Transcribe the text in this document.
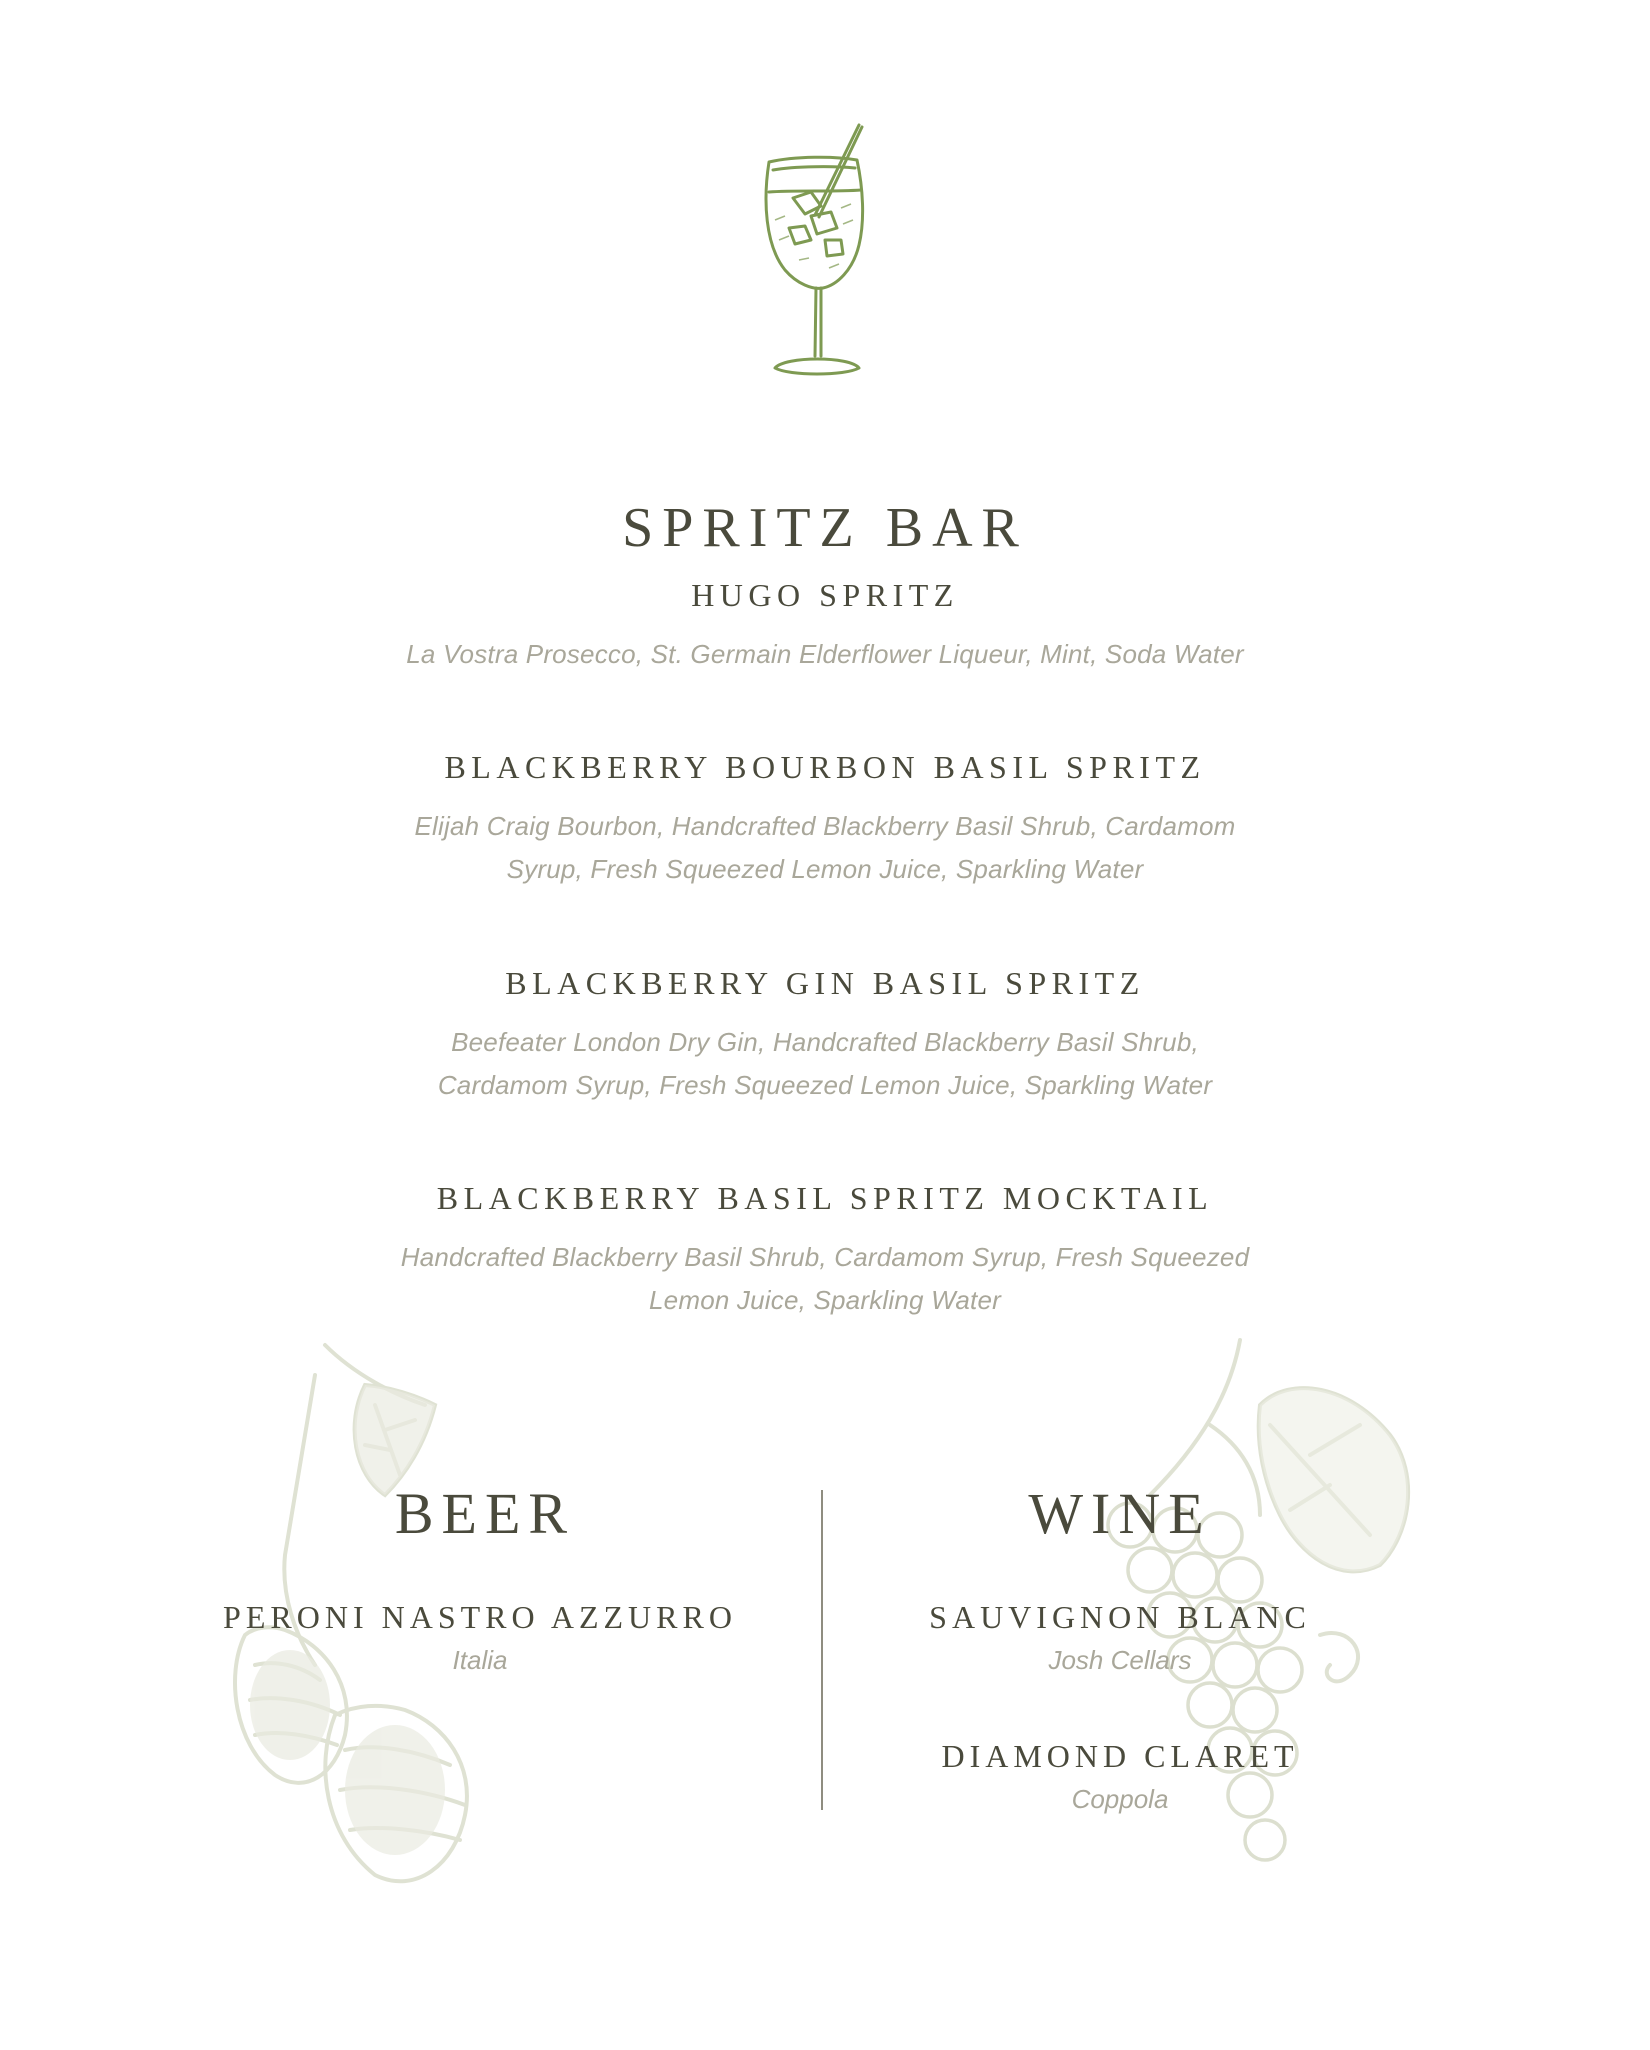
SPRITZ BAR
HUGO SPRITZ

La Vostra Prosecco, St. Germain Elderflower Liqueur, Mint, Soda Water

BLACKBERRY BOURBON BASIL SPRITZ

Elijah Craig Bourbon, Handcrafted Blackberry Basil Shrub, Cardamom
Syrup, Fresh Squeezed Lemon Juice, Sparkling Water

BLACKBERRY GIN BASIL SPRITZ

Beefeater London Dry Gin, Handcrafted Blackberry Basil Shrub,
Cardamom Syrup, Fresh Squeezed Lemon Juice, Sparkling Water

BLACKBERRY BASIL SPRITZ MOCKTAIL

Handcrafted Blackberry Basil Shrub, Cardamom Syrup, Fresh Squeezed
Lemon Juice, Sparkling Water

BEER
PERONI NASTRO AZZURRO

Italia

WINE
SAUVIGNON BLANC

Josh Cellars

DIAMOND CLARET

Coppola
